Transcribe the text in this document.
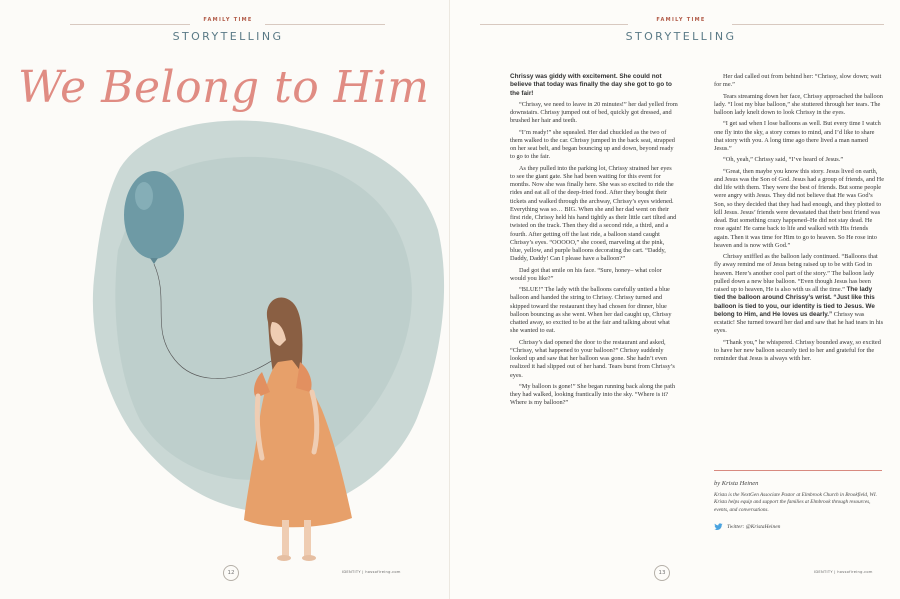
FAMILY TIME
STORYTELLING
We Belong to Him
12	IDENTITY | hossofireing.com
FAMILY TIME
STORYTELLING
13	IDENTITY | hossofireing.com

Chrissy was giddy with excitement. She could not believe that today was finally the day she got to go to the fair!

“Chrissy, we need to leave in 20 minutes!” her dad yelled from downstairs. Chrissy jumped out of bed, quickly got dressed, and brushed her hair and teeth.

“I’m ready!” she squealed. Her dad chuckled as the two of them walked to the car. Chrissy jumped in the back seat, strapped on her seat belt, and began bouncing up and down, beyond ready to go to the fair.

As they pulled into the parking lot, Chrissy strained her eyes to see the giant gate. She had been waiting for this event for months. Now she was finally here. She was so excited to ride the rides and eat all of the deep-fried food. After they bought their tickets and walked through the archway, Chrissy’s eyes widened. Everything was so… BIG. When she and her dad went on their first ride, Chrissy held his hand tightly as their little cart tilted and twisted on the track. Then they did a second ride, a third, and a fourth. After getting off the last ride, a balloon stand caught Chrissy’s eyes. “OOOOO,” she cooed, marveling at the pink, blue, yellow, and purple balloons decorating the cart. “Daddy, Daddy, Daddy! Can I please have a balloon?”

Dad got that smile on his face. “Sure, honey– what color would you like?”

“BLUE!” The lady with the balloons carefully untied a blue balloon and handed the string to Chrissy. Chrissy turned and skipped toward the restaurant they had chosen for dinner, blue balloon bouncing as she went. When her dad caught up, Chrissy chatted away, so excited to be at the fair and talking about what she wanted to eat.

Chrissy’s dad opened the door to the restaurant and asked, “Chrissy, what happened to your balloon?” Chrissy suddenly looked up and saw that her balloon was gone. She hadn’t even realized it had slipped out of her hand. Tears burst from Chrissy’s eyes.

“My balloon is gone!” She began running back along the path they had walked, looking frantically into the sky. “Where is it? Where is my balloon?”

Her dad called out from behind her: “Chrissy, slow down; wait for me.”

Tears streaming down her face, Chrissy approached the balloon lady. “I lost my blue balloon,” she stuttered through her tears. The balloon lady knelt down to look Chrissy in the eyes.

“I get sad when I lose balloons as well. But every time I watch one fly into the sky, a story comes to mind, and I’d like to share that story with you. A long time ago there lived a man named Jesus.”

“Oh, yeah,” Chrissy said, “I’ve heard of Jesus.”

“Great, then maybe you know this story. Jesus lived on earth, and Jesus was the Son of God. Jesus had a group of friends, and He did life with them. They were the best of friends. But some people were angry with Jesus. They did not believe that He was God’s Son, so they decided that they had had enough, and they plotted to kill Jesus. Jesus’ friends were devastated that their best friend was dead. But something crazy happened–He did not stay dead. He rose again! He came back to life and walked with His friends again. Then it was time for Him to go to heaven. So He rose into heaven and is now with God.”

Chrissy sniffled as the balloon lady continued. “Balloons that fly away remind me of Jesus being raised up to be with God in heaven. Here’s another cool part of the story.” The balloon lady pulled down a new blue balloon. “Even though Jesus has been raised up to heaven, He is also with us all the time.” The lady tied the balloon around Chrissy’s wrist. “Just like this balloon is tied to you, our identity is tied to Jesus. We belong to Him, and He loves us dearly.” Chrissy was ecstatic! She turned toward her dad and saw that he had tears in his eyes.

“Thank you,” he whispered. Chrissy bounded away, so excited to have her new balloon securely tied to her and grateful for the reminder that Jesus is always with her.

by Krista Heinen
Krista is the NextGen Associate Pastor at Elmbrook Church in Brookfield, WI. Krista helps equip and support the families at Elmbrook through resources, events, and conversations.
Twitter: @KristaHeinen
